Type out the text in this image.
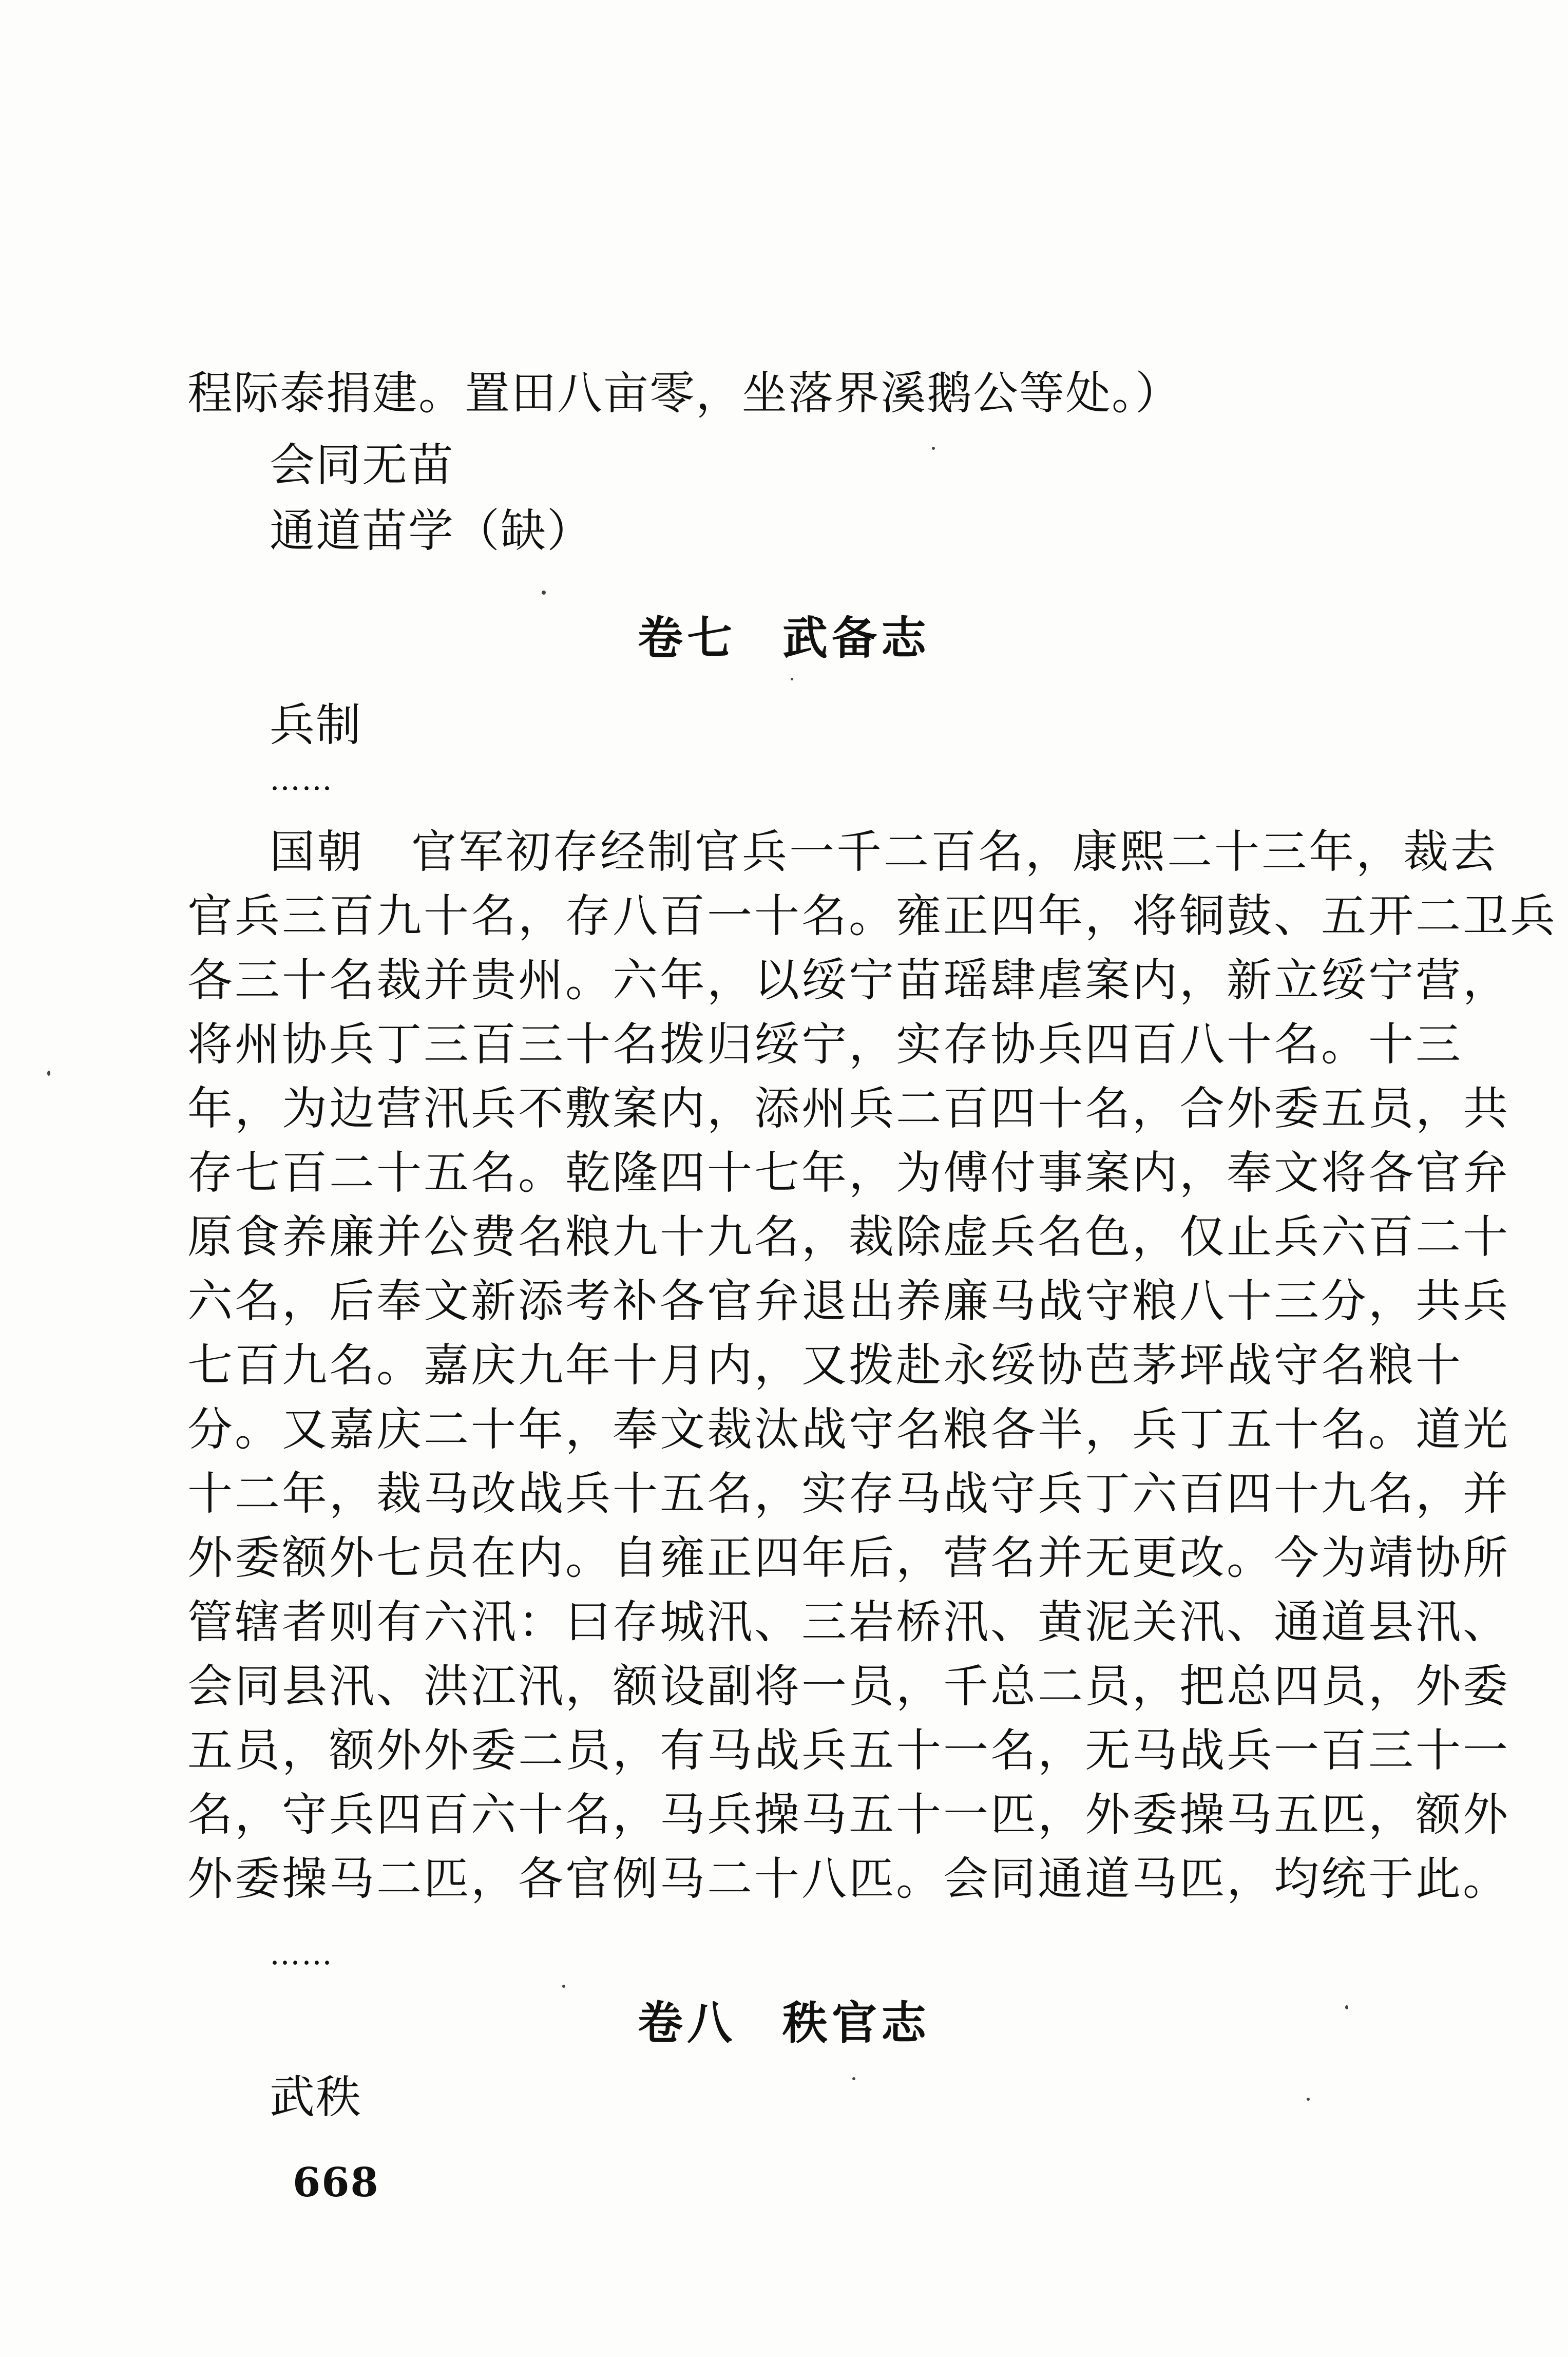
程际泰捐建。置田八亩零，坐落界溪鹅公等处。）
会同无苗
通道苗学（缺）
卷七 武备志
兵制
……
国朝　官军初存经制官兵一千二百名，康熙二十三年，裁去
官兵三百九十名，存八百一十名。雍正四年，将铜鼓、五开二卫兵
各三十名裁并贵州。六年，以绥宁苗瑶肆虐案内，新立绥宁营，
将州协兵丁三百三十名拨归绥宁，实存协兵四百八十名。十三
年，为边营汛兵不敷案内，添州兵二百四十名，合外委五员，共
存七百二十五名。乾隆四十七年，为傅付事案内，奉文将各官弁
原食养廉并公费名粮九十九名，裁除虚兵名色，仅止兵六百二十
六名，后奉文新添考补各官弁退出养廉马战守粮八十三分，共兵
七百九名。嘉庆九年十月内，又拨赴永绥协芭茅坪战守名粮十
分。又嘉庆二十年，奉文裁汰战守名粮各半，兵丁五十名。道光
十二年，裁马改战兵十五名，实存马战守兵丁六百四十九名，并
外委额外七员在内。自雍正四年后，营名并无更改。今为靖协所
管辖者则有六汛：曰存城汛、三岩桥汛、黄泥关汛、通道县汛、
会同县汛、洪江汛，额设副将一员，千总二员，把总四员，外委
五员，额外外委二员，有马战兵五十一名，无马战兵一百三十一
名，守兵四百六十名，马兵操马五十一匹，外委操马五匹，额外
外委操马二匹，各官例马二十八匹。会同通道马匹，均统于此。
……
卷八 秩官志
武秩
668
